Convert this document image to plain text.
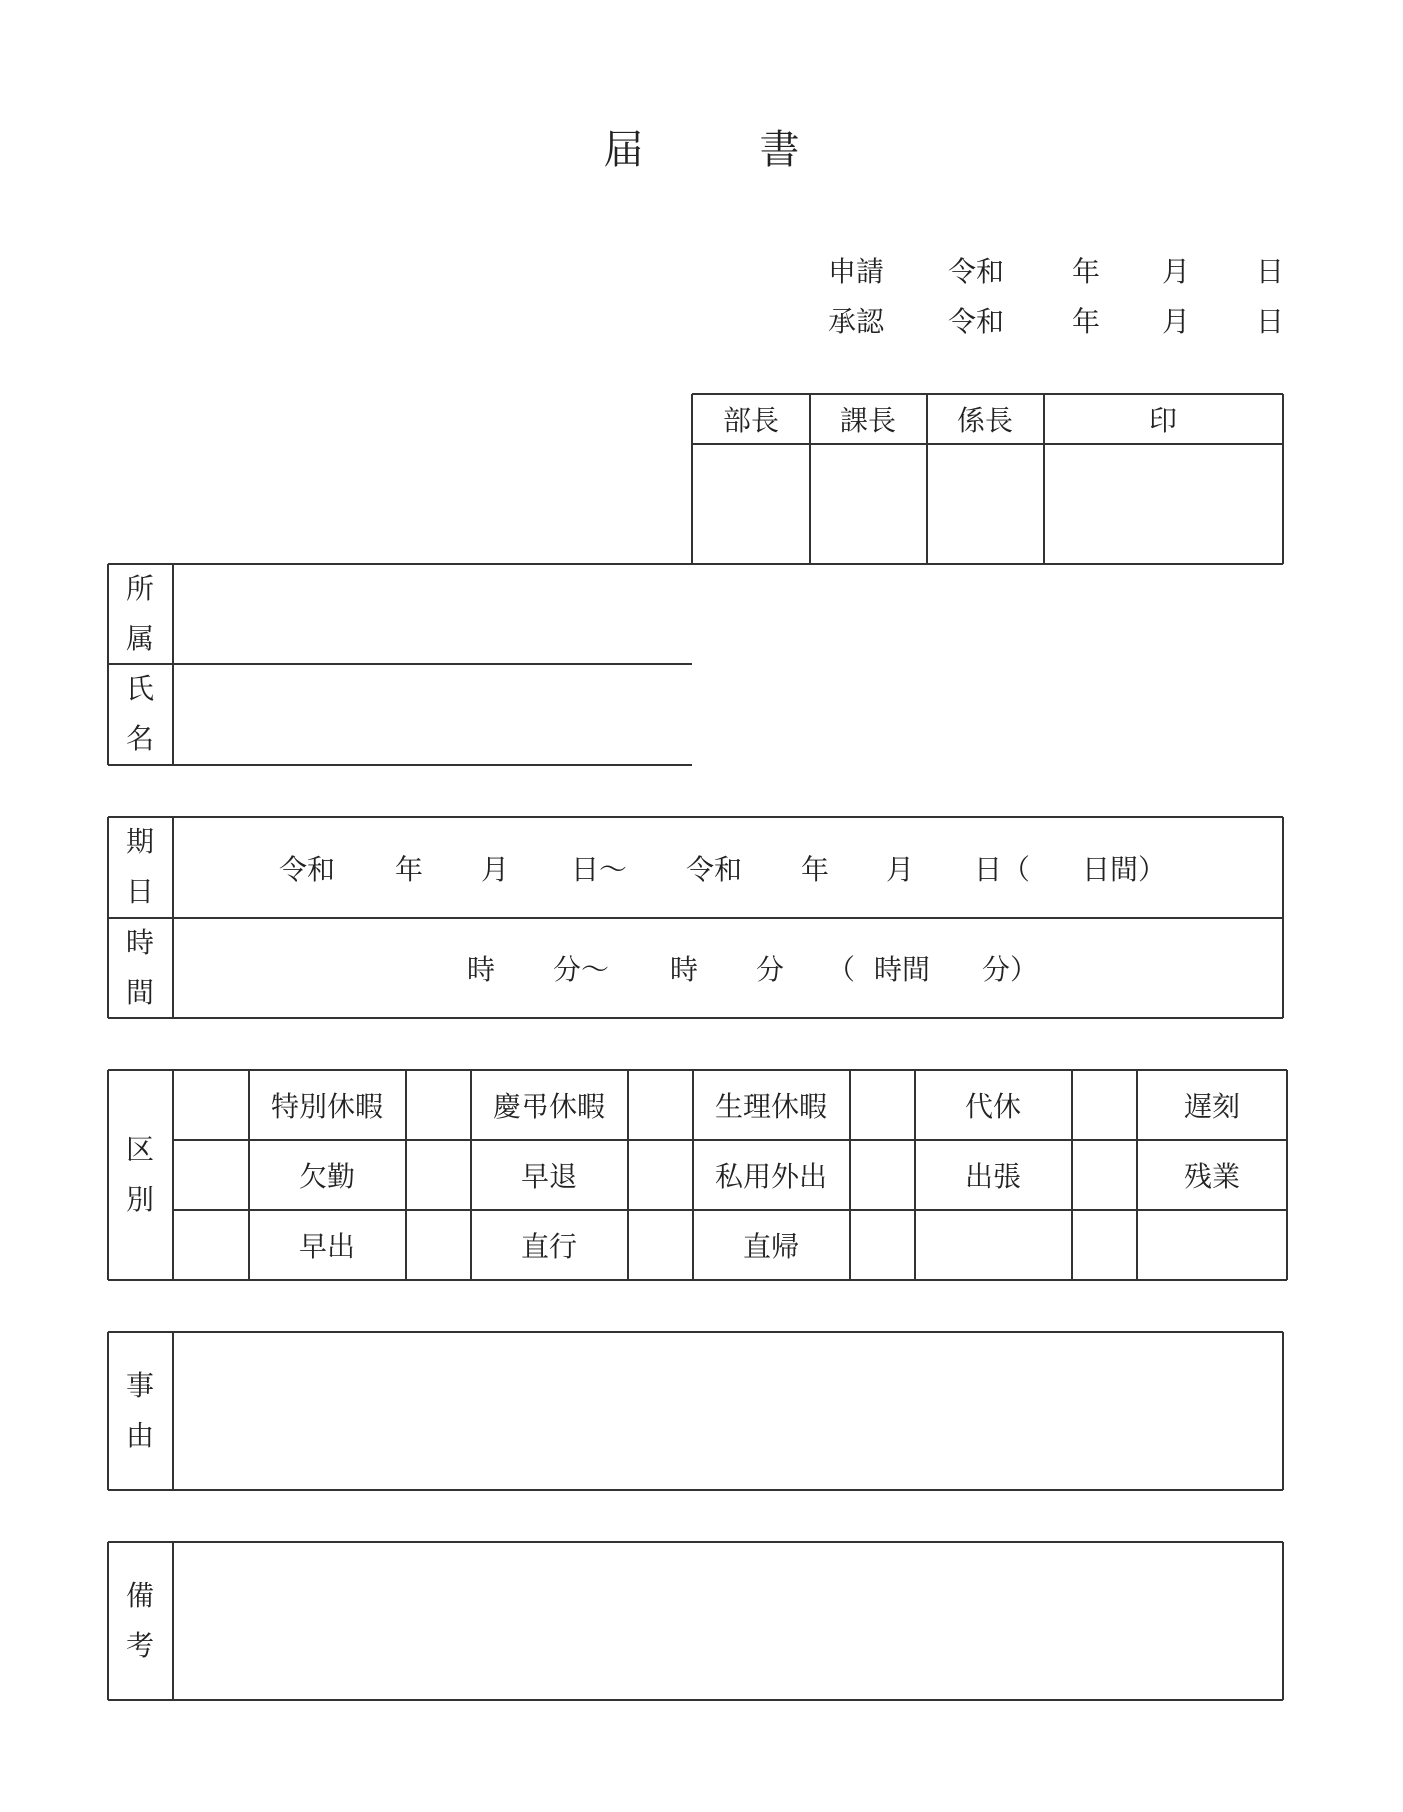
届　書
申請 令和 年 月 日
承認 令和 年 月 日
部長 課長 係長	印
所
属
氏
名
期
日
令和 年 月 日～ 令和 年 月 日（ 日間）
時
間
時 分～ 時 分 （ 時間 分）
区
別
特別休暇	慶弔休暇	生理休暇	代休	遅刻
欠勤	早退	私用外出	出張	残業
早出	直行	直帰
事
由
備
考
